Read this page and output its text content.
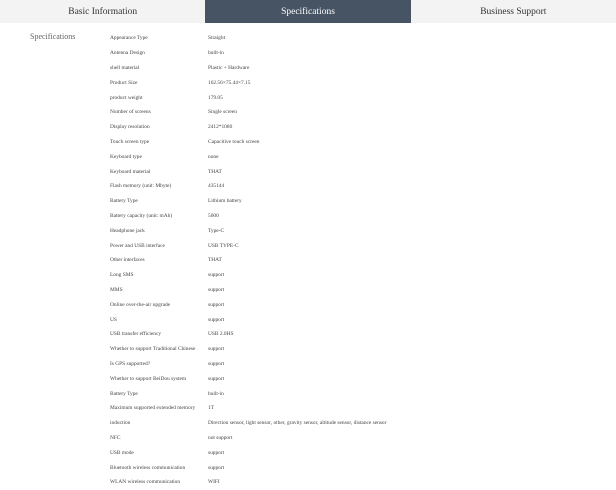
Basic Information	Specifications	Business Support
Specifications	Appearance Type	Straight
Antenna Design	built-in
shell material	Plastic + Hardware
Product Size	162.56×75.44×7.15
product weight	179.05
Number of screens	Single screen
Display resolution	2412*1080
Touch screen type	Capacitive touch screen
Keyboard type	none
Keyboard material	THAT
Flash memory (unit: Mbyte)	435144
Battery Type	Lithium battery
Battery capacity (unit: mAh)	5000
Headphone jack	Type-C
Power and USB interface	USB TYPE-C
Other interfaces	THAT
Long SMS	support
MMS	support
Online over-the-air upgrade	support
US	support
USB transfer efficiency	USB 2.0HS
Whether to support Traditional Chinese	support
Is GPS supported?	support
Whether to support BeiDou system	support
Battery Type	built-in
Maximum supported extended memory	1T
induction	Direction sensor, light sensor, other, gravity sensor, altitude sensor, distance sensor
NFC	not support
USB mode	support
Bluetooth wireless communication	support
WLAN wireless communication	WIFI
